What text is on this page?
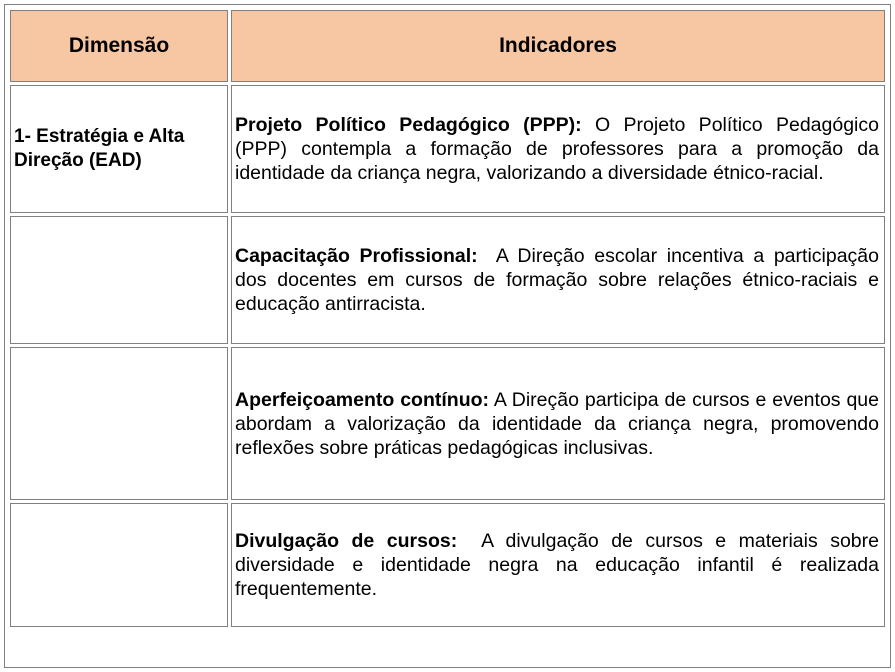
Dimensão	Indicadores
1- Estratégia e Alta Direção (EAD)	Projeto Político Pedagógico (PPP): O Projeto Político Pedagógico (PPP) contempla a formação de professores para a promoção da identidade da criança negra, valorizando a diversidade étnico-racial.
	Capacitação Profissional:  A Direção escolar incentiva a participação dos docentes em cursos de formação sobre relações étnico-raciais e educação antirracista.
	Aperfeiçoamento contínuo: A Direção participa de cursos e eventos que abordam a valorização da identidade da criança negra, promovendo reflexões sobre práticas pedagógicas inclusivas.
	Divulgação de cursos:  A divulgação de cursos e materiais sobre diversidade e identidade negra na educação infantil é realizada frequentemente.
